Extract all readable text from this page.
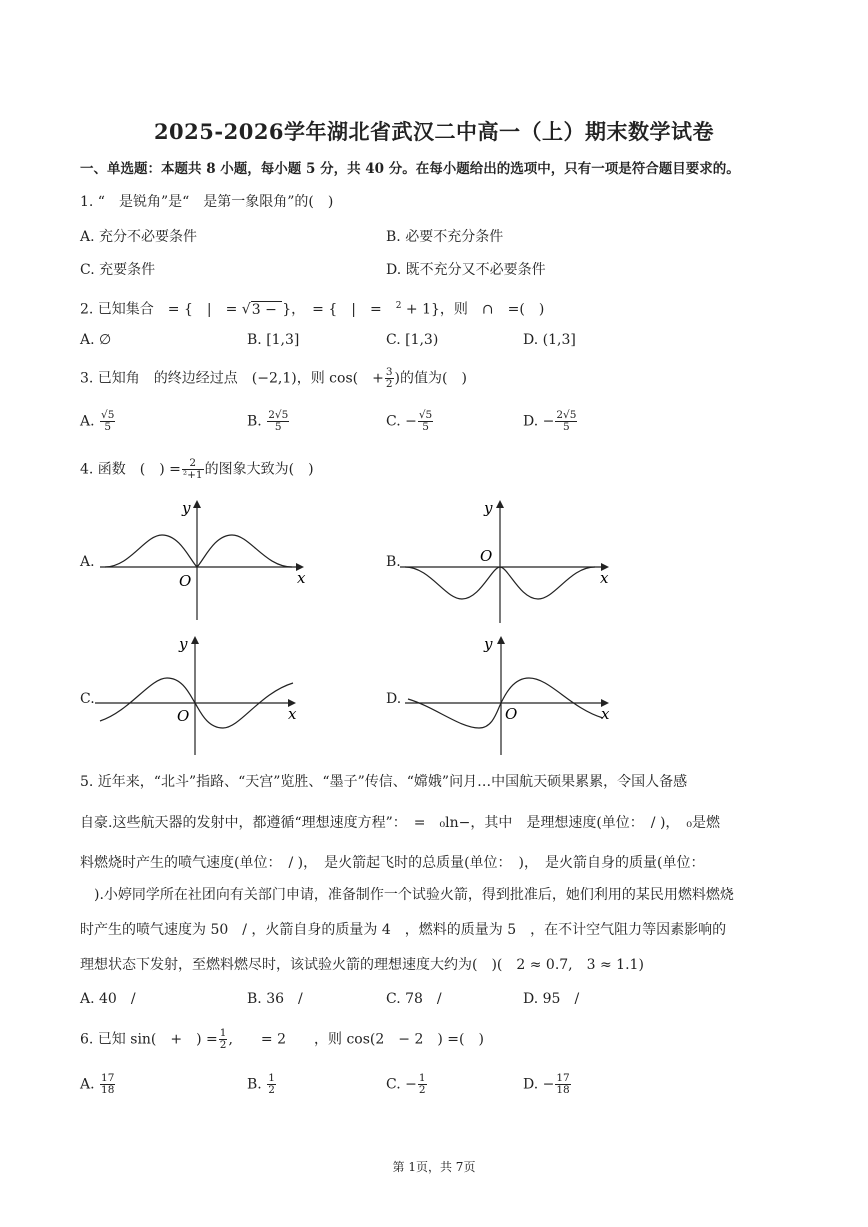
2025-2026学年湖北省武汉二中高一（上）期末数学试卷
一、单选题：本题共 8 小题，每小题 5 分，共 40 分。在每小题给出的选项中，只有一项是符合题目要求的。
1. “　是锐角”是“　是第一象限角”的(　)
A. 充分不必要条件	B. 必要不充分条件
C. 充要条件	D. 既不充分又不必要条件
2. 已知集合　= {　|　= √3 − }，　= {　|　=　$^2$ + 1}，则　∩　=(　)
A. ∅	B. [1,3]	C. [1,3)	D. (1,3]
3. 已知角　的终边经过点　(−2,1)，则 cos(　+ $\frac{3}{2}$ )的值为(　)
A. $\frac{√5}{5}$	B. $\frac{2√5}{5}$	C. − $\frac{√5}{5}$	D. − $\frac{2√5}{5}$
4. 函数　(　) = $\frac{2}{\text{²+1}}$ 的图象大致为(　)
A.
y
x
O
B.
y
x
O
C.
y
x
O
D.
y
x
O
5. 近年来，“北斗”指路、“天宫”览胜、“墨子”传信、“嫦娥”问月…中国航天硕果累累，令国人备感
自豪.这些航天器的发射中，都遵循“理想速度方程”：　=　₀ln−，其中　是理想速度(单位：　/ )，　₀是燃
料燃烧时产生的喷气速度(单位：　/ )，　是火箭起飞时的总质量(单位：　)，　是火箭自身的质量(单位：
　).小婷同学所在社团向有关部门申请，准备制作一个试验火箭，得到批准后，她们利用的某民用燃料燃烧
时产生的喷气速度为 50　/ ，火箭自身的质量为 4　，燃料的质量为 5　，在不计空气阻力等因素影响的
理想状态下发射，至燃料燃尽时，该试验火箭的理想速度大约为(　)(　2 ≈ 0.7,　3 ≈ 1.1)
A. 40　/	B. 36　/	C. 78　/	D. 95　/
6. 已知 sin(　+　) = $\frac{1}{2}$ ,　　= 2　　，则 cos(2　− 2　) =(　)
A. $\frac{17}{18}$	B. $\frac{1}{2}$	C. − $\frac{1}{2}$	D. − $\frac{17}{18}$
第 1页，共 7页
